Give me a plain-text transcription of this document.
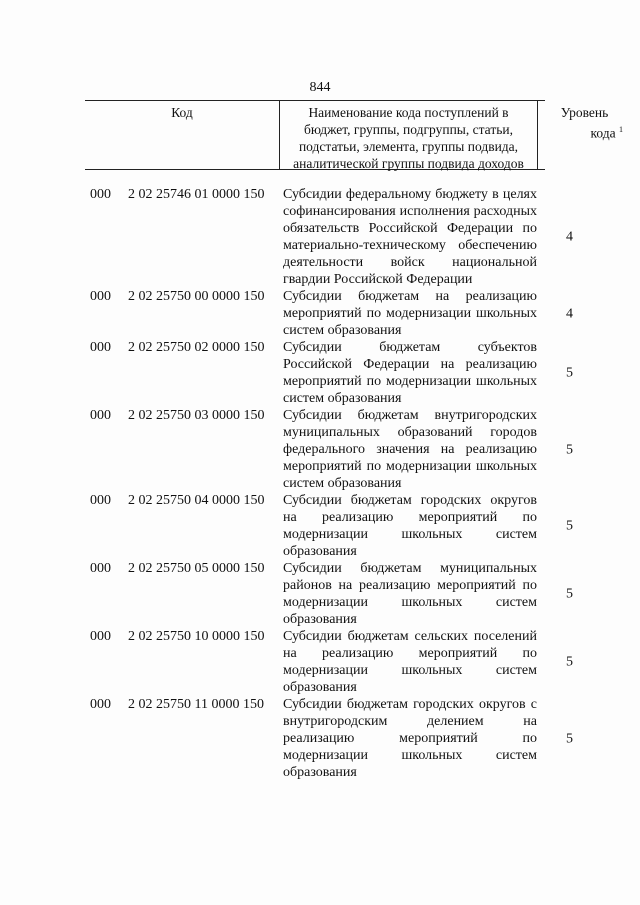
844
Код	Наименование кода поступлений в
бюджет, группы, подгруппы, статьи,
подстатьи, элемента, группы подвида,
аналитической группы подвида доходов
Уровень
кода $^1$
000 2 02 25746 01 0000 150 Субсидии федеральному бюджету в целях софинансирования исполнения расходных обязательств Российской Федерации по материально-техническому обеспечению деятельности войск национальной гвардии Российской Федерации
4
000 2 02 25750 00 0000 150 Субсидии бюджетам на реализацию мероприятий по модернизации школьных систем образования
4
000 2 02 25750 02 0000 150 Субсидии бюджетам субъектов Российской Федерации на реализацию мероприятий по модернизации школьных систем образования
5
000 2 02 25750 03 0000 150 Субсидии бюджетам внутригородских муниципальных образований городов федерального значения на реализацию мероприятий по модернизации школьных систем образования
5
000 2 02 25750 04 0000 150 Субсидии бюджетам городских округов на реализацию мероприятий по модернизации школьных систем образования
5
000 2 02 25750 05 0000 150 Субсидии бюджетам муниципальных районов на реализацию мероприятий по модернизации школьных систем образования
5
000 2 02 25750 10 0000 150 Субсидии бюджетам сельских поселений на реализацию мероприятий по модернизации школьных систем образования
5
000 2 02 25750 11 0000 150 Субсидии бюджетам городских округов с внутригородским делением на реализацию мероприятий по модернизации школьных систем образования
5
